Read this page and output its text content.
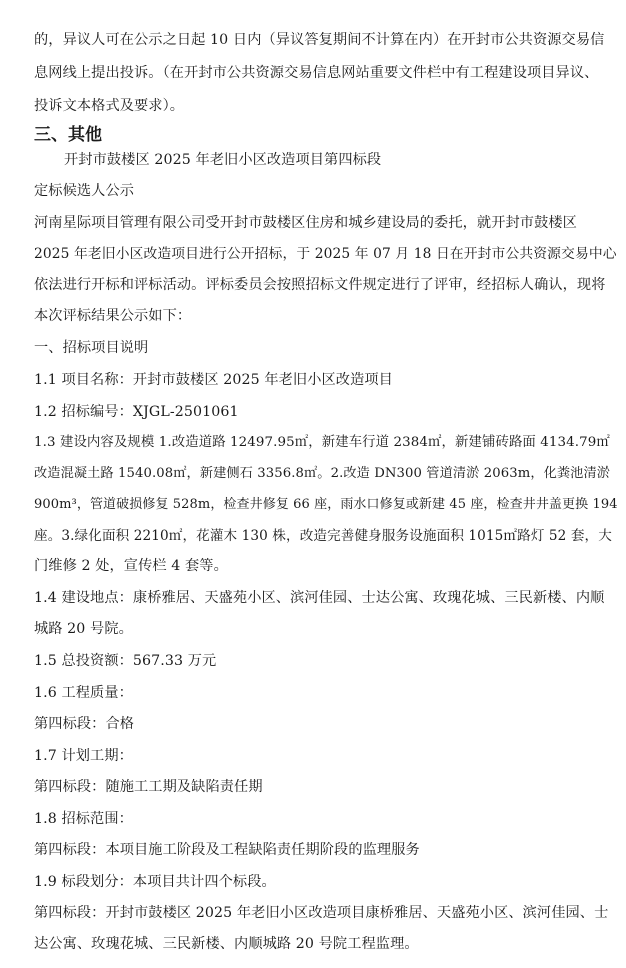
的，异议人可在公示之日起 10 日内（异议答复期间不计算在内）在开封市公共资源交易信
息网线上提出投诉。（在开封市公共资源交易信息网站重要文件栏中有工程建设项目异议、
投诉文本格式及要求）。
三、其他
开封市鼓楼区 2025 年老旧小区改造项目第四标段
定标候选人公示
河南星际项目管理有限公司受开封市鼓楼区住房和城乡建设局的委托，就开封市鼓楼区
2025 年老旧小区改造项目进行公开招标，于 2025 年 07 月 18 日在开封市公共资源交易中心
依法进行开标和评标活动。评标委员会按照招标文件规定进行了评审，经招标人确认，现将
本次评标结果公示如下：
一、招标项目说明
1.1 项目名称：开封市鼓楼区 2025 年老旧小区改造项目
1.2 招标编号：XJGL-2501061
1.3 建设内容及规模 1.改造道路 12497.95㎡，新建车行道 2384㎡，新建铺砖路面 4134.79㎡
改造混凝土路 1540.08㎡，新建侧石 3356.8㎡。2.改造 DN300 管道清淤 2063m，化粪池清淤
900m³，管道破损修复 528m，检查井修复 66 座，雨水口修复或新建 45 座，检查井井盖更换 194
座。3.绿化面积 2210㎡，花灌木 130 株，改造完善健身服务设施面积 1015㎡路灯 52 套，大
门维修 2 处，宣传栏 4 套等。
1.4 建设地点：康桥雅居、天盛苑小区、滨河佳园、士达公寓、玫瑰花城、三民新楼、内顺
城路 20 号院。
1.5 总投资额：567.33 万元
1.6 工程质量：
第四标段：合格
1.7 计划工期：
第四标段：随施工工期及缺陷责任期
1.8 招标范围：
第四标段：本项目施工阶段及工程缺陷责任期阶段的监理服务
1.9 标段划分：本项目共计四个标段。
第四标段：开封市鼓楼区 2025 年老旧小区改造项目康桥雅居、天盛苑小区、滨河佳园、士
达公寓、玫瑰花城、三民新楼、内顺城路 20 号院工程监理。
